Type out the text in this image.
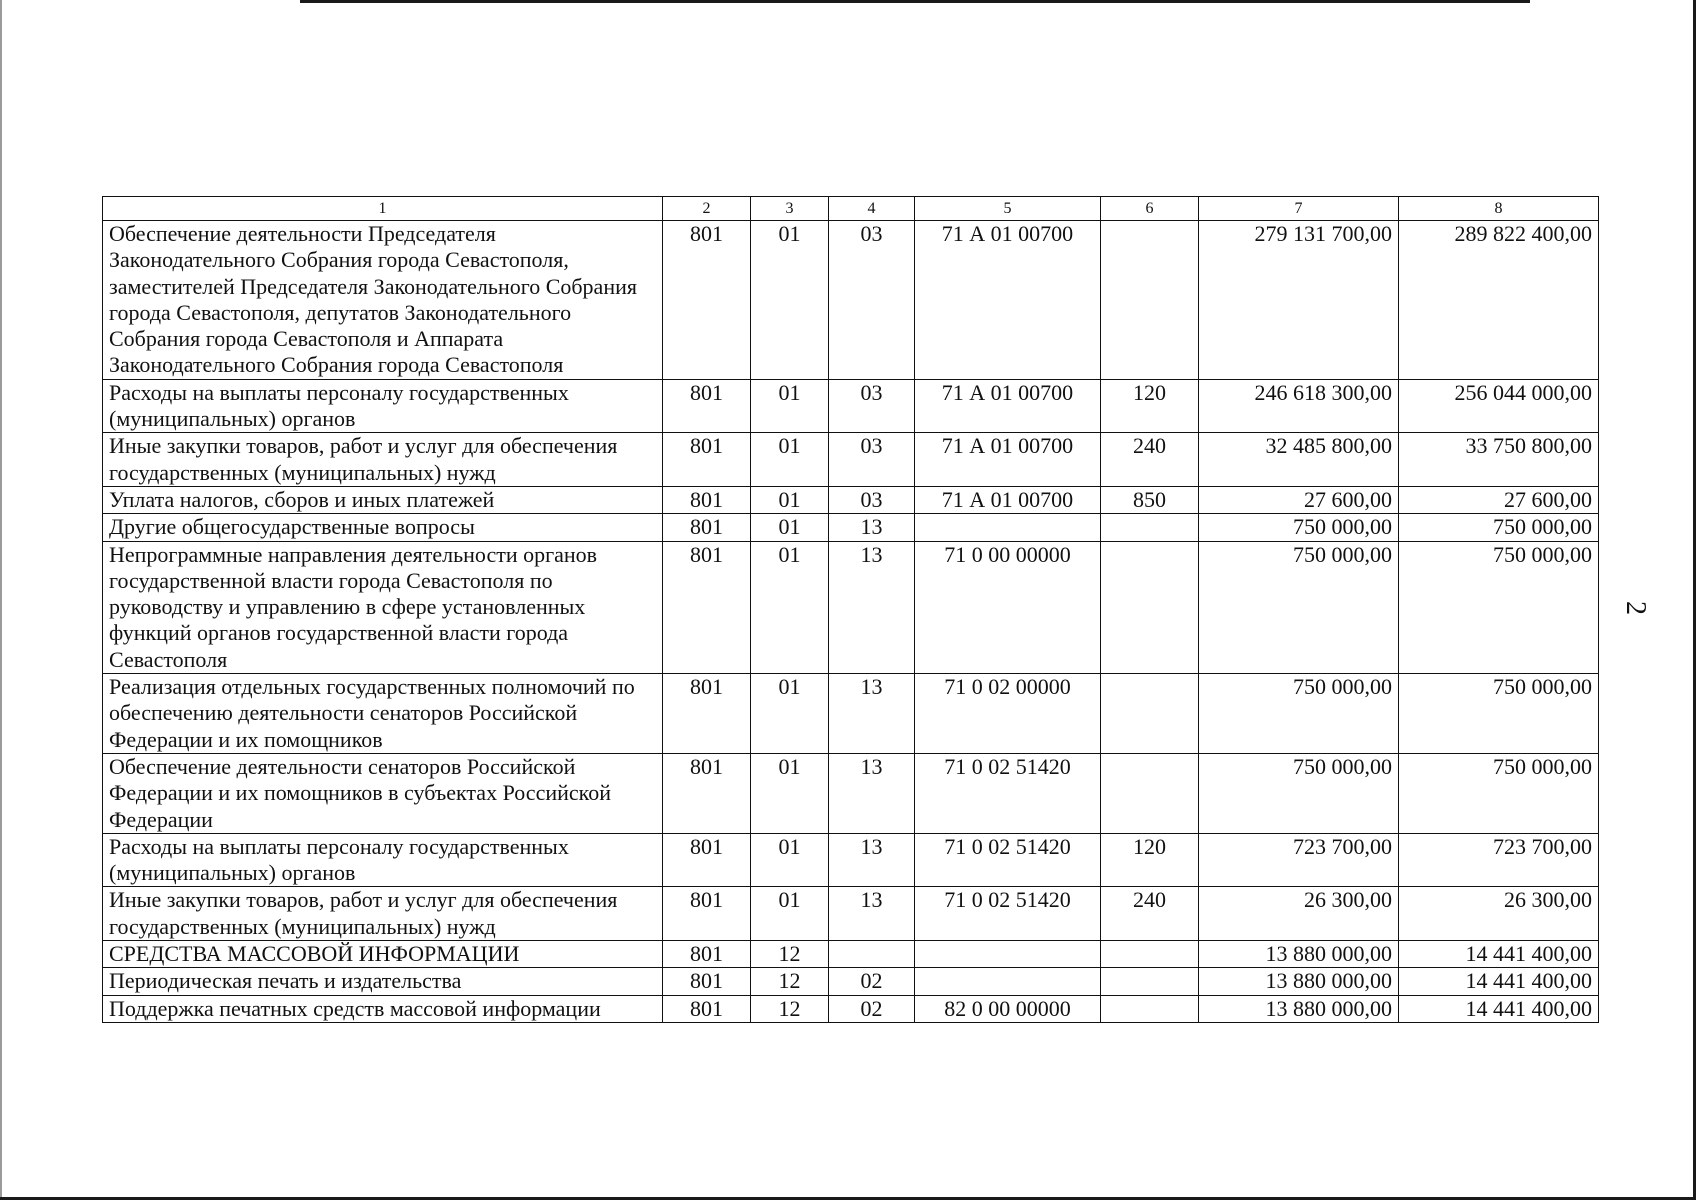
2
1	2	3	4	5	6	7	8
Обеспечение деятельности Председателя Законодательного Собрания города Севастополя, заместителей Председателя Законодательного Собрания города Севастополя, депутатов Законодательного Собрания города Севастополя и Аппарата Законодательного Собрания города Севастополя	801	01	03	71 А 01 00700		279 131 700,00	289 822 400,00
Расходы на выплаты персоналу государственных (муниципальных) органов	801	01	03	71 А 01 00700	120	246 618 300,00	256 044 000,00
Иные закупки товаров, работ и услуг для обеспечения государственных (муниципальных) нужд	801	01	03	71 А 01 00700	240	32 485 800,00	33 750 800,00
Уплата налогов, сборов и иных платежей	801	01	03	71 А 01 00700	850	27 600,00	27 600,00
Другие общегосударственные вопросы	801	01	13			750 000,00	750 000,00
Непрограммные направления деятельности органов государственной власти города Севастополя по руководству и управлению в сфере установленных функций органов государственной власти города Севастополя	801	01	13	71 0 00 00000		750 000,00	750 000,00
Реализация отдельных государственных полномочий по обеспечению деятельности сенаторов Российской Федерации и их помощников	801	01	13	71 0 02 00000		750 000,00	750 000,00
Обеспечение деятельности сенаторов Российской Федерации и их помощников в субъектах Российской Федерации	801	01	13	71 0 02 51420		750 000,00	750 000,00
Расходы на выплаты персоналу государственных (муниципальных) органов	801	01	13	71 0 02 51420	120	723 700,00	723 700,00
Иные закупки товаров, работ и услуг для обеспечения государственных (муниципальных) нужд	801	01	13	71 0 02 51420	240	26 300,00	26 300,00
СРЕДСТВА МАССОВОЙ ИНФОРМАЦИИ	801	12				13 880 000,00	14 441 400,00
Периодическая печать и издательства	801	12	02			13 880 000,00	14 441 400,00
Поддержка печатных средств массовой информации	801	12	02	82 0 00 00000		13 880 000,00	14 441 400,00
